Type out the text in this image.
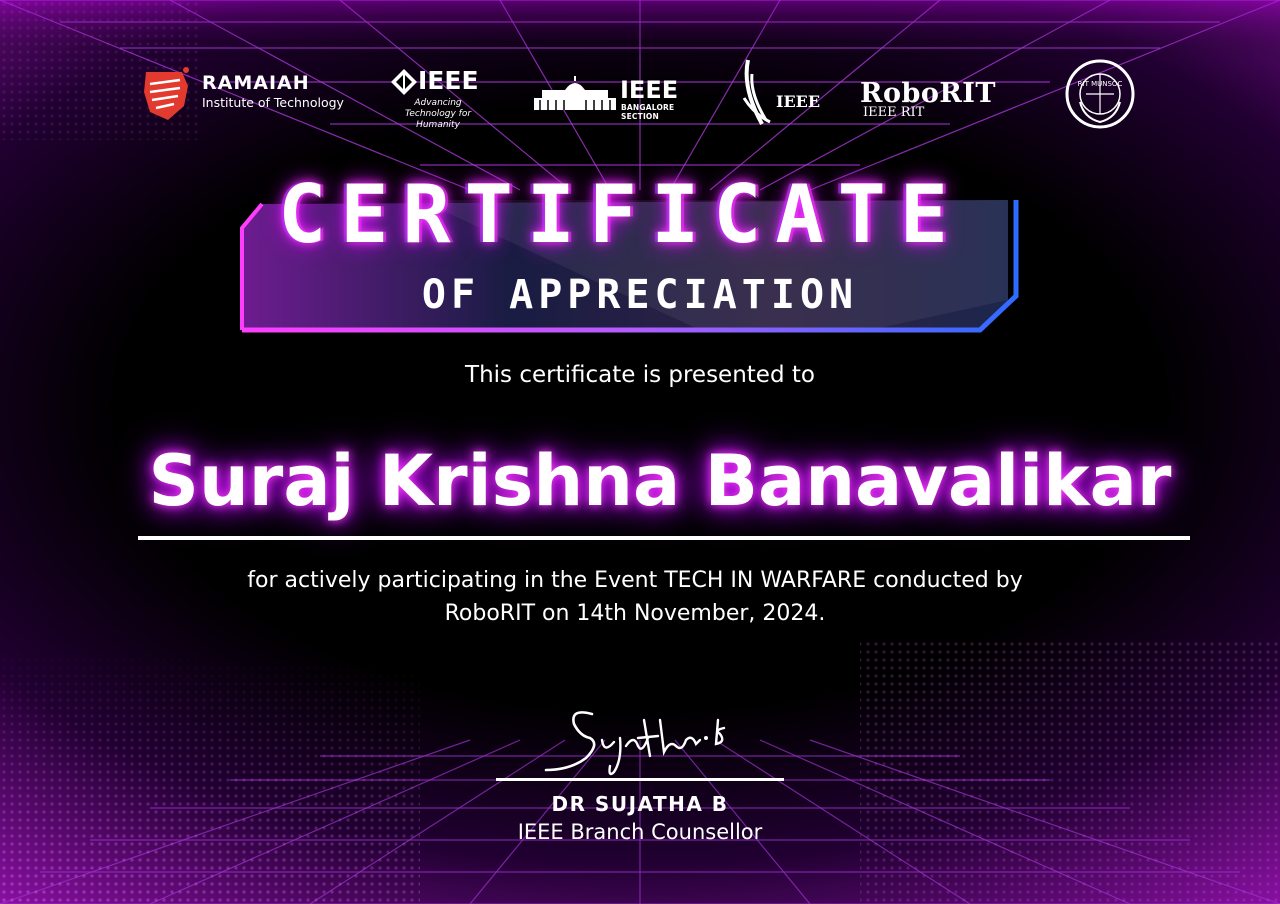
RAMAIAH
Institute of Technology
IEEE
Advancing Technology for Humanity
IEEE
BANGALORE SECTION
IEEE RoboRIT
IEEE RIT
RIT MUNSOC
CERTIFICATE
OF APPRECIATION
This certificate is presented to
Suraj Krishna Banavalikar
for actively participating in the Event TECH IN WARFARE conducted by
RoboRIT on 14th November, 2024.
DR SUJATHA B
IEEE Branch Counsellor
